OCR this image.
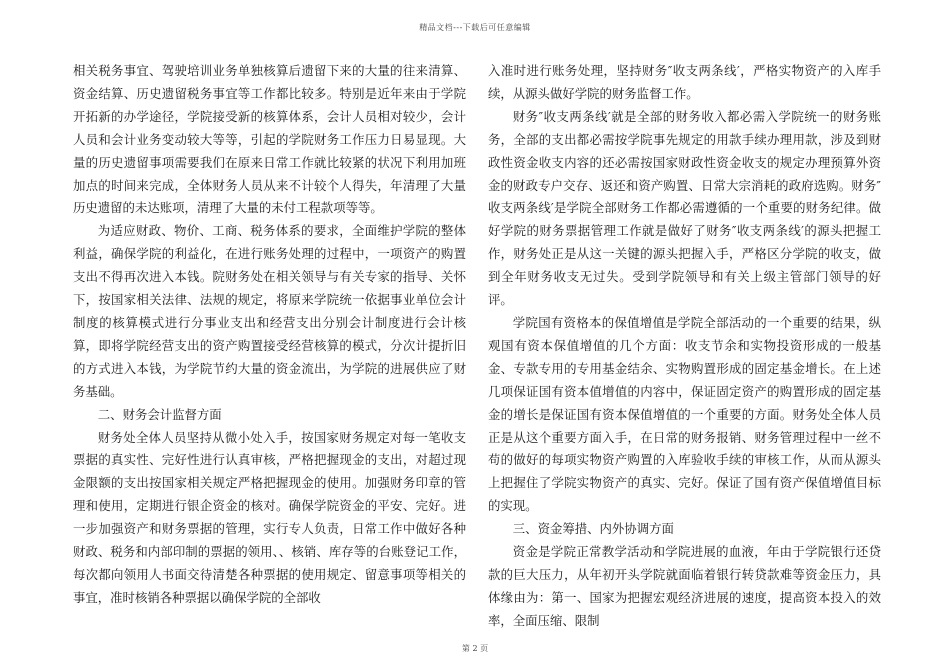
精品文档---下载后可任意编辑

相关税务事宜、驾驶培训业务单独核算后遗留下来的大量的往来清算、资金结算、历史遗留税务事宜等工作都比较多。特别是近年来由于学院开拓新的办学途径，学院接受新的核算体系，会计人员相对较少，会计人员和会计业务变动较大等等，引起的学院财务工作压力日易显现。大量的历史遗留事项需要我们在原来日常工作就比较紧的状况下利用加班加点的时间来完成，全体财务人员从来不计较个人得失，年清理了大量历史遗留的未达账项，清理了大量的未付工程款项等等。

为适应财政、物价、工商、税务体系的要求，全面维护学院的整体利益，确保学院的利益化，在进行账务处理的过程中，一项资产的购置支出不得再次进入本钱。院财务处在相关领导与有关专家的指导、关怀下，按国家相关法律、法规的规定，将原来学院统一依据事业单位会计制度的核算模式进行分事业支出和经营支出分别会计制度进行会计核算，即将学院经营支出的资产购置接受经营核算的模式，分次计提折旧的方式进入本钱，为学院节约大量的资金流出，为学院的进展供应了财务基础。

二、财务会计监督方面

财务处全体人员坚持从微小处入手，按国家财务规定对每一笔收支票据的真实性、完好性进行认真审核，严格把握现金的支出，对超过现金限额的支出按国家相关规定严格把握现金的使用。加强财务印章的管理和使用，定期进行银企资金的核对。确保学院资金的平安、完好。进一步加强资产和财务票据的管理，实行专人负责，日常工作中做好各种财政、税务和内部印制的票据的领用、、核销、库存等的台账登记工作，每次都向领用人书面交待清楚各种票据的使用规定、留意事项等相关的事宜，准时核销各种票据以确保学院的全部收

入准时进行账务处理，坚持财务″收支两条线′，严格实物资产的入库手续，从源头做好学院的财务监督工作。

财务″收支两条线′就是全部的财务收入都必需入学院统一的财务账务，全部的支出都必需按学院事先规定的用款手续办理用款，涉及到财政性资金收支内容的还必需按国家财政性资金收支的规定办理预算外资金的财政专户交存、返还和资产购置、日常大宗消耗的政府选购。财务″收支两条线′是学院全部财务工作都必需遵循的一个重要的财务纪律。做好学院的财务票据管理工作就是做好了财务″收支两条线′的源头把握工作，财务处正是从这一关键的源头把握入手，严格区分学院的收支，做到全年财务收支无过失。受到学院领导和有关上级主管部门领导的好评。

学院国有资格本的保值增值是学院全部活动的一个重要的结果，纵观国有资本保值增值的几个方面：收支节余和实物投资形成的一般基金、专款专用的专用基金结余、实物购置形成的固定基金增长。在上述几项保证国有资本值增值的内容中，保证固定资产的购置形成的固定基金的增长是保证国有资本保值增值的一个重要的方面。财务处全体人员正是从这个重要方面入手，在日常的财务报销、财务管理过程中一丝不苟的做好的每项实物资产购置的入库验收手续的审核工作，从而从源头上把握住了学院实物资产的真实、完好。保证了国有资产保值增值目标的实现。

三、资金筹措、内外协调方面

资金是学院正常教学活动和学院进展的血液，年由于学院银行还贷款的巨大压力，从年初开头学院就面临着银行转贷款难等资金压力，具体缘由为：第一、国家为把握宏观经济进展的速度，提高资本投入的效率，全面压缩、限制

第 2 页
